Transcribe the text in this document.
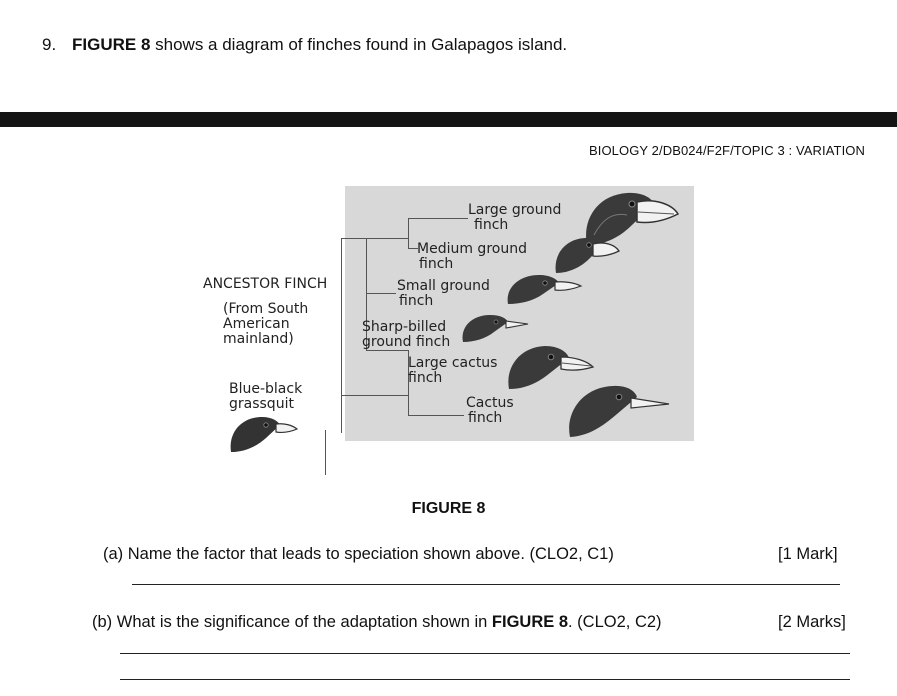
9. FIGURE 8 shows a diagram of finches found in Galapagos island.
BIOLOGY 2/DB024/F2F/TOPIC 3 : VARIATION
ANCESTOR FINCH
(From South
American
mainland)
Blue-black
grassquit
Large ground
finch
Medium ground
finch
Small ground
finch
Sharp-billed
ground finch
Large cactus
finch
Cactus
finch
FIGURE 8
(a) Name the factor that leads to speciation shown above. (CLO2, C1)	[1 Mark]
(b) What is the significance of the adaptation shown in FIGURE 8. (CLO2, C2)	[2 Marks]
